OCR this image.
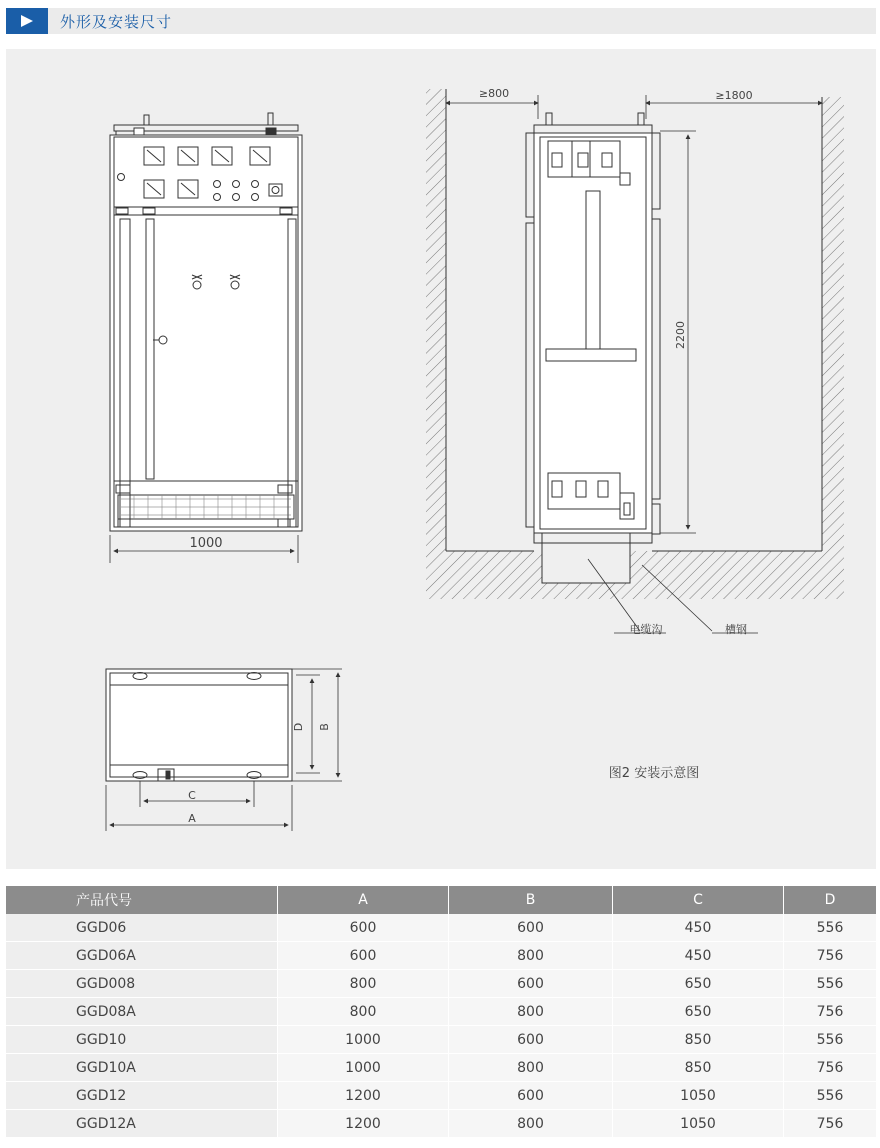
外形及安装尺寸
1000
≥800	≥1800
2200
电缆沟	槽钢
D B
C
A
图2 安装示意图
产品代号	A	B	C	D
GGD06	600	600	450	556
GGD06A	600	800	450	756
GGD008	800	600	650	556
GGD08A	800	800	650	756
GGD10	1000	600	850	556
GGD10A	1000	800	850	756
GGD12	1200	600	1050	556
GGD12A	1200	800	1050	756
